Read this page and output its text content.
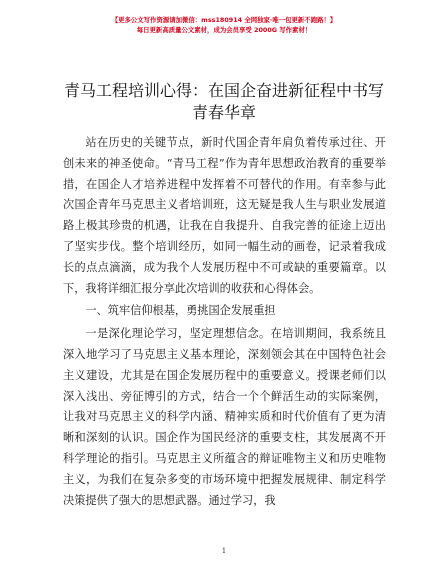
【更多公文写作资源请加微信：mss180914 全网独家·唯一包更新不跑路！】
每日更新高质量公文素材，成为会员享受 2000G 写作素材！
青马工程培训心得：在国企奋进新征程中书写
青春华章

站在历史的关键节点，新时代国企青年肩负着传承过往、开创未来的神圣使命。“青马工程”作为青年思想政治教育的重要举措，在国企人才培养进程中发挥着不可替代的作用。有幸参与此次国企青年马克思主义者培训班，这无疑是我人生与职业发展道路上极其珍贵的机遇，让我在自我提升、自我完善的征途上迈出了坚实步伐。整个培训经历，如同一幅生动的画卷，记录着我成长的点点滴滴，成为我个人发展历程中不可或缺的重要篇章。以下，我将详细汇报分享此次培训的收获和心得体会。

一、筑牢信仰根基，勇挑国企发展重担

一是深化理论学习，坚定理想信念。在培训期间，我系统且深入地学习了马克思主义基本理论，深刻领会其在中国特色社会主义建设，尤其是在国企发展历程中的重要意义。授课老师们以深入浅出、旁征博引的方式，结合一个个鲜活生动的实际案例，让我对马克思主义的科学内涵、精神实质和时代价值有了更为清晰和深刻的认识。国企作为国民经济的重要支柱，其发展离不开科学理论的指引。马克思主义所蕴含的辩证唯物主义和历史唯物主义，为我们在复杂多变的市场环境中把握发展规律、制定科学决策提供了强大的思想武器。通过学习，我

1
